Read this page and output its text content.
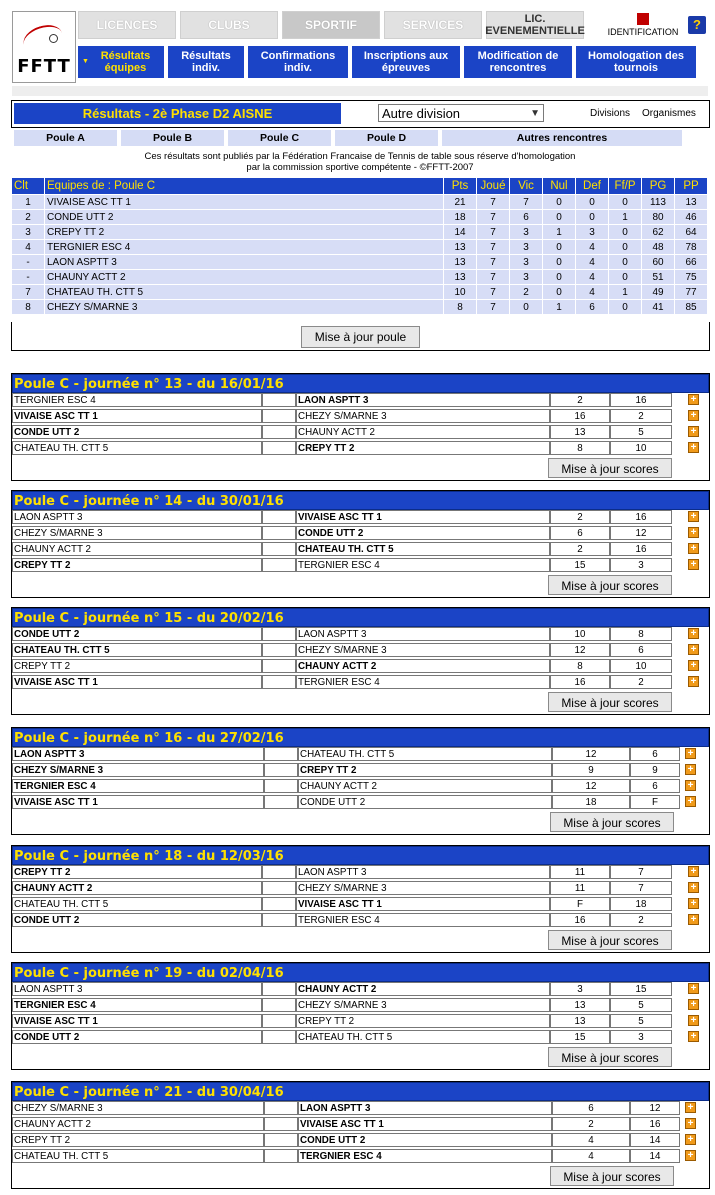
FFTT
LICENCES	CLUBS	SPORTIF	SERVICES	LIC. EVENEMENTIELLE	IDENTIFICATION	?
▼	Résultats équipes
Résultats indiv.
Confirmations indiv.
Inscriptions aux épreuves
Modification de rencontres
Homologation des tournois
Résultats - 2è Phase D2 AISNE	Autre division	▼	Divisions Organismes
Poule A	Poule B	Poule C	Poule D	Autres rencontres
Ces résultats sont publiés par la Fédération Francaise de Tennis de table sous réserve d'homologation
par la commission sportive compétente - ©FFTT-2007
Clt	Equipes de : Poule C	Pts	Joué	Vic	Nul	Def	Ff/P	PG	PP
1	VIVAISE ASC TT 1	21	7	7	0	0	0	113	13
2	CONDE UTT 2	18	7	6	0	0	1	80	46
3	CREPY TT 2	14	7	3	1	3	0	62	64
4	TERGNIER ESC 4	13	7	3	0	4	0	48	78
-	LAON ASPTT 3	13	7	3	0	4	0	60	66
-	CHAUNY ACTT 2	13	7	3	0	4	0	51	75
7	CHATEAU TH. CTT 5	10	7	2	0	4	1	49	77
8	CHEZY S/MARNE 3	8	7	0	1	6	0	41	85
Mise à jour poule
Poule C - journée n° 13 - du 16/01/16
TERGNIER ESC 4	LAON ASPTT 3	2	16	+
VIVAISE ASC TT 1	CHEZY S/MARNE 3	16	2	+
CONDE UTT 2	CHAUNY ACTT 2	13	5	+
CHATEAU TH. CTT 5	CREPY TT 2	8	10	+
Mise à jour scores
Poule C - journée n° 14 - du 30/01/16
LAON ASPTT 3	VIVAISE ASC TT 1	2	16	+
CHEZY S/MARNE 3	CONDE UTT 2	6	12	+
CHAUNY ACTT 2	CHATEAU TH. CTT 5	2	16	+
CREPY TT 2	TERGNIER ESC 4	15	3	+
Mise à jour scores
Poule C - journée n° 15 - du 20/02/16
CONDE UTT 2	LAON ASPTT 3	10	8	+
CHATEAU TH. CTT 5	CHEZY S/MARNE 3	12	6	+
CREPY TT 2	CHAUNY ACTT 2	8	10	+
VIVAISE ASC TT 1	TERGNIER ESC 4	16	2	+
Mise à jour scores
Poule C - journée n° 16 - du 27/02/16
LAON ASPTT 3	CHATEAU TH. CTT 5	12	6	+
CHEZY S/MARNE 3	CREPY TT 2	9	9	+
TERGNIER ESC 4	CHAUNY ACTT 2	12	6	+
VIVAISE ASC TT 1	CONDE UTT 2	18	F	+
Mise à jour scores
Poule C - journée n° 18 - du 12/03/16
CREPY TT 2	LAON ASPTT 3	11	7	+
CHAUNY ACTT 2	CHEZY S/MARNE 3	11	7	+
CHATEAU TH. CTT 5	VIVAISE ASC TT 1	F	18	+
CONDE UTT 2	TERGNIER ESC 4	16	2	+
Mise à jour scores
Poule C - journée n° 19 - du 02/04/16
LAON ASPTT 3	CHAUNY ACTT 2	3	15	+
TERGNIER ESC 4	CHEZY S/MARNE 3	13	5	+
VIVAISE ASC TT 1	CREPY TT 2	13	5	+
CONDE UTT 2	CHATEAU TH. CTT 5	15	3	+
Mise à jour scores
Poule C - journée n° 21 - du 30/04/16
CHEZY S/MARNE 3	LAON ASPTT 3	6	12	+
CHAUNY ACTT 2	VIVAISE ASC TT 1	2	16	+
CREPY TT 2	CONDE UTT 2	4	14	+
CHATEAU TH. CTT 5	TERGNIER ESC 4	4	14	+
Mise à jour scores
